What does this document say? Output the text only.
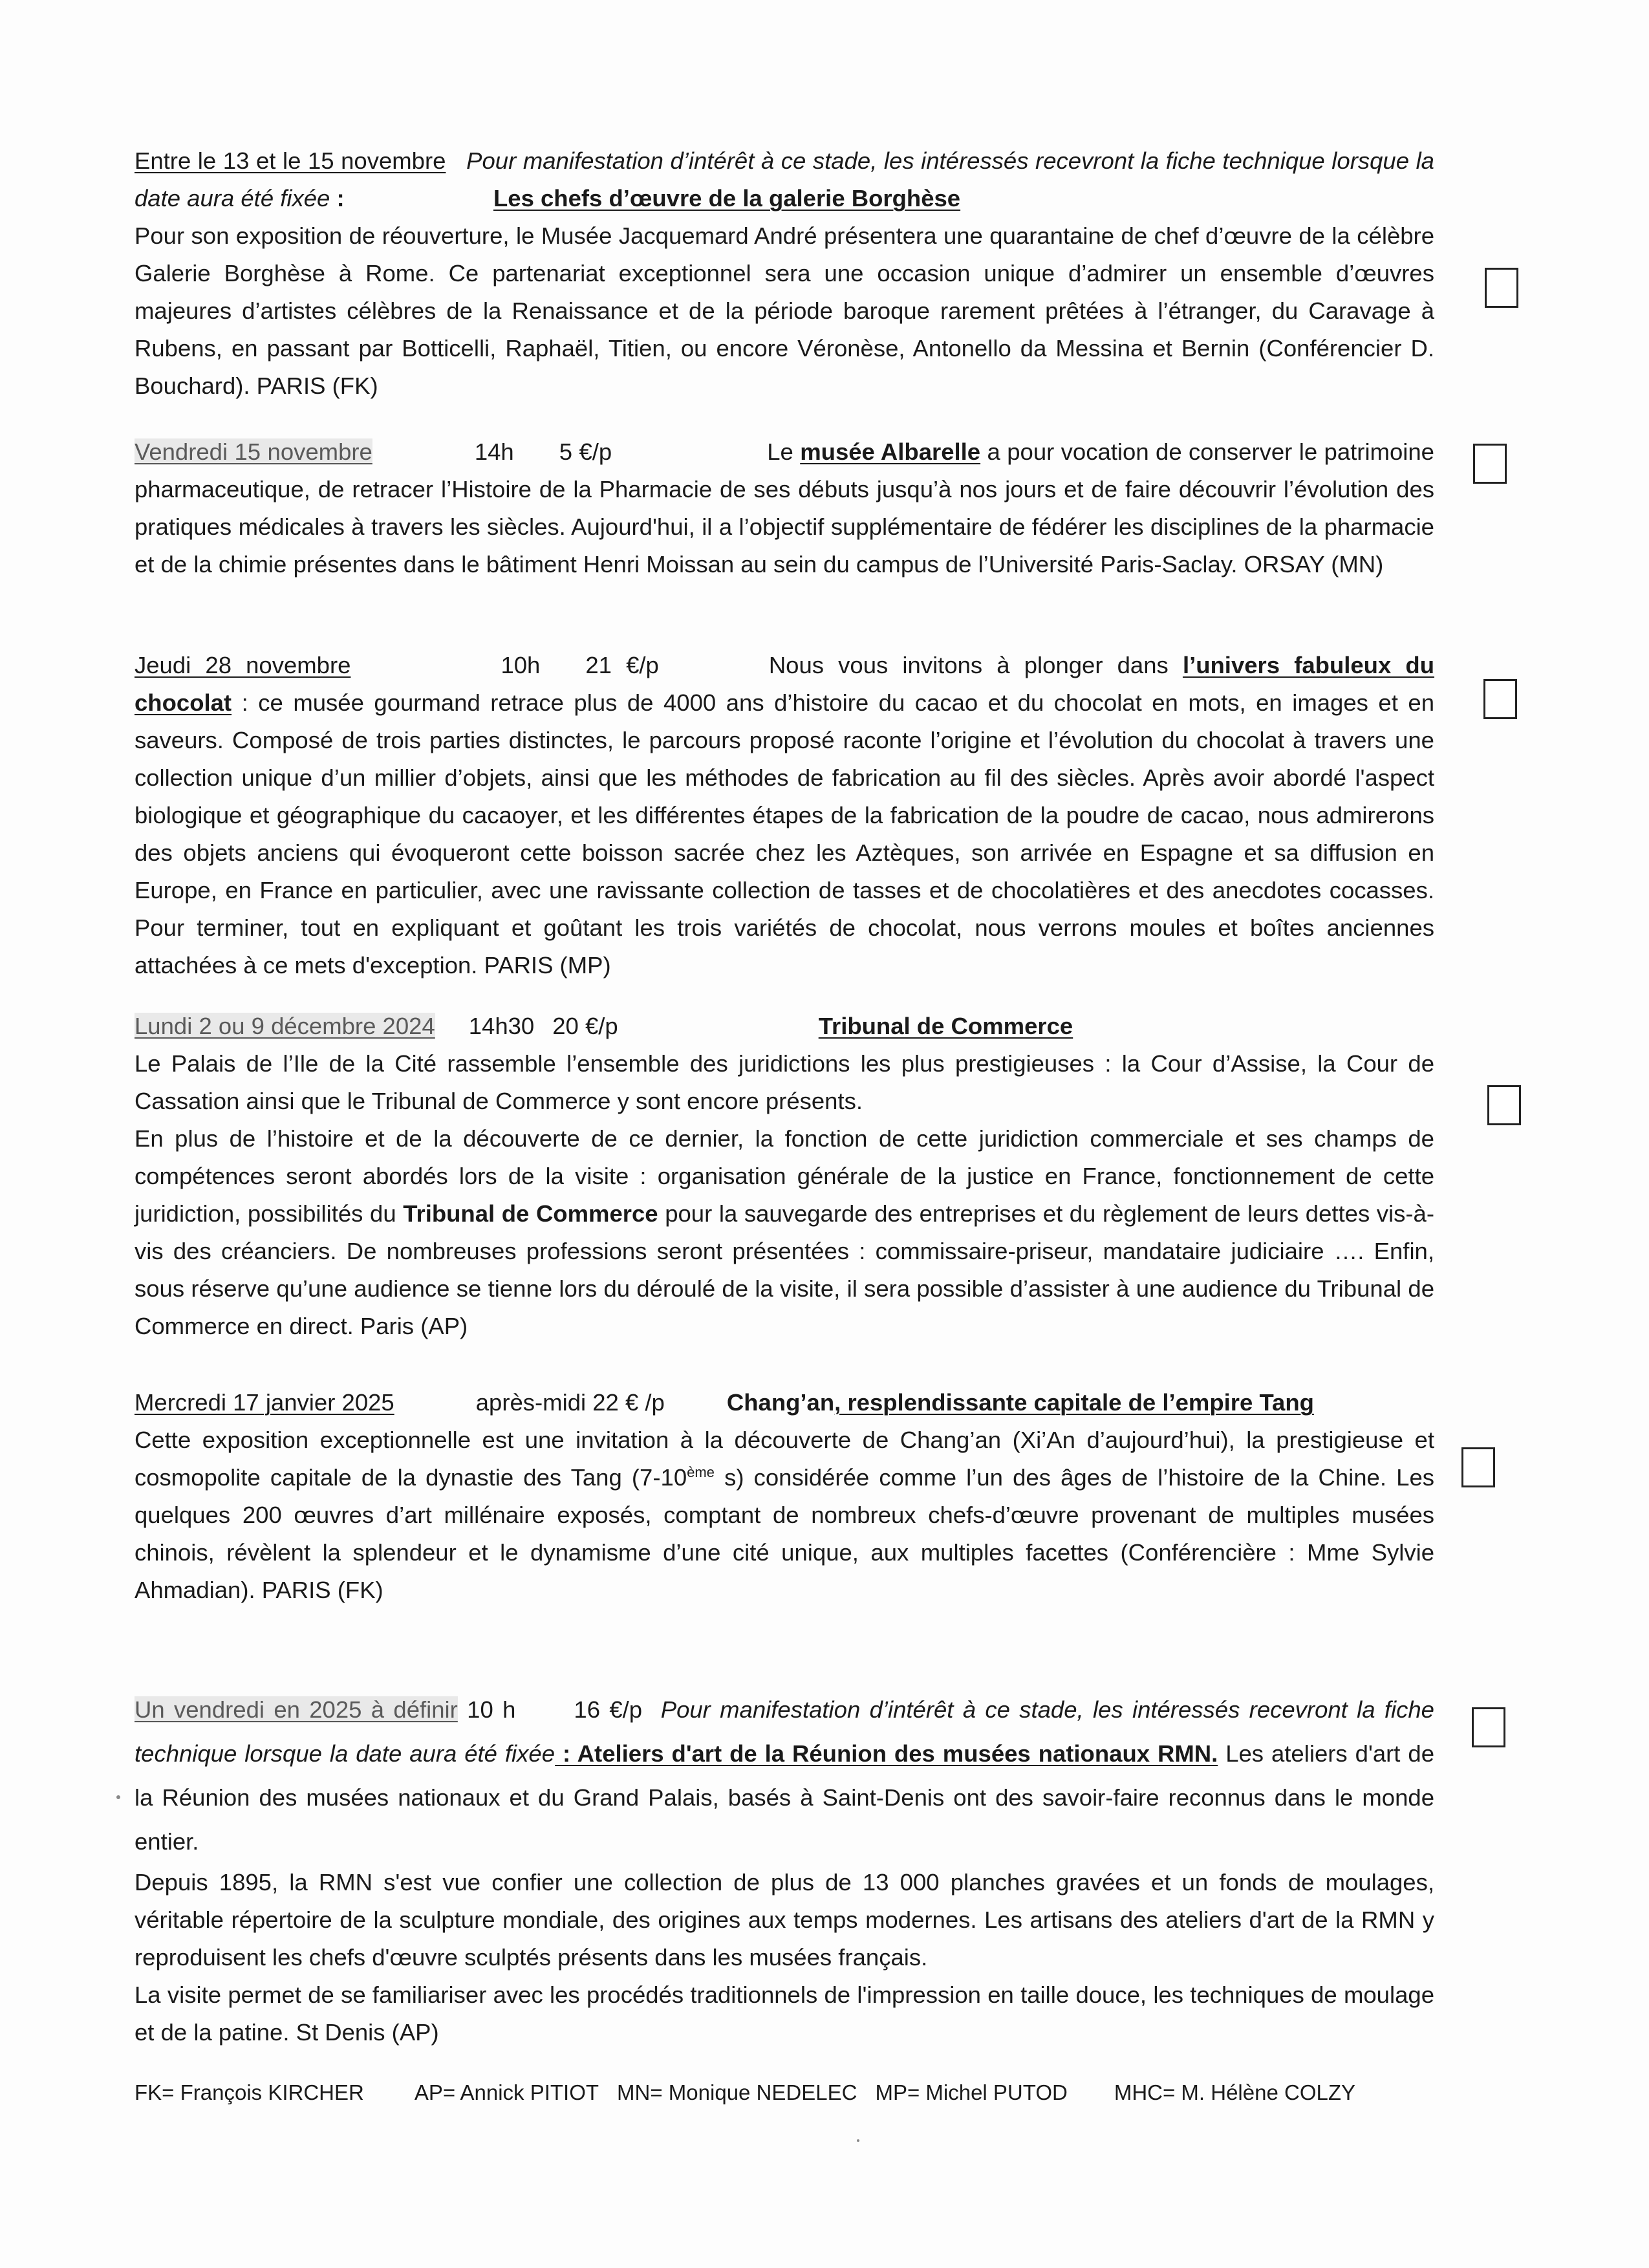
Entre le 13 et le 15 novembre Pour manifestation d’intérêt à ce stade, les intéressés recevront la fiche technique lorsque la date aura été fixée :	Les chefs d’œuvre de la galerie Borghèse

Pour son exposition de réouverture, le Musée Jacquemard André présentera une quarantaine de chef d’œuvre de la célèbre Galerie Borghèse à Rome. Ce partenariat exceptionnel sera une occasion unique d’admirer un ensemble d’œuvres majeures d’artistes célèbres de la Renaissance et de la période baroque rarement prêtées à l’étranger, du Caravage à Rubens, en passant par Botticelli, Raphaël, Titien, ou encore Véronèse, Antonello da Messina et Bernin (Conférencier D. Bouchard). PARIS (FK)

Vendredi 15 novembre	14h 5 €/p	Le musée Albarelle a pour vocation de conserver le patrimoine pharmaceutique, de retracer l’Histoire de la Pharmacie de ses débuts jusqu’à nos jours et de faire découvrir l’évolution des pratiques médicales à travers les siècles. Aujourd'hui, il a l’objectif supplémentaire de fédérer les disciplines de la pharmacie et de la chimie présentes dans le bâtiment Henri Moissan au sein du campus de l’Université Paris-Saclay. ORSAY (MN)

Jeudi 28 novembre	10h 21 €/p	Nous vous invitons à plonger dans l’univers fabuleux du chocolat : ce musée gourmand retrace plus de 4000 ans d’histoire du cacao et du chocolat en mots, en images et en saveurs. Composé de trois parties distinctes, le parcours proposé raconte l’origine et l’évolution du chocolat à travers une collection unique d’un millier d’objets, ainsi que les méthodes de fabrication au fil des siècles. Après avoir abordé l'aspect biologique et géographique du cacaoyer, et les différentes étapes de la fabrication de la poudre de cacao, nous admirerons des objets anciens qui évoqueront cette boisson sacrée chez les Aztèques, son arrivée en Espagne et sa diffusion en Europe, en France en particulier, avec une ravissante collection de tasses et de chocolatières et des anecdotes cocasses. Pour terminer, tout en expliquant et goûtant les trois variétés de chocolat, nous verrons moules et boîtes anciennes attachées à ce mets d'exception. PARIS (MP)

Lundi 2 ou 9 décembre 2024 14h30 20 €/p	Tribunal de Commerce

Le Palais de l’Ile de la Cité rassemble l’ensemble des juridictions les plus prestigieuses : la Cour d’Assise, la Cour de Cassation ainsi que le Tribunal de Commerce y sont encore présents.

En plus de l’histoire et de la découverte de ce dernier, la fonction de cette juridiction commerciale et ses champs de compétences seront abordés lors de la visite : organisation générale de la justice en France, fonctionnement de cette juridiction, possibilités du Tribunal de Commerce pour la sauvegarde des entreprises et du règlement de leurs dettes vis-à-vis des créanciers. De nombreuses professions seront présentées : commissaire-priseur, mandataire judiciaire …. Enfin, sous réserve qu’une audience se tienne lors du déroulé de la visite, il sera possible d’assister à une audience du Tribunal de Commerce en direct. Paris (AP)

Mercredi 17 janvier 2025	après-midi 22 € /p	Chang’an, resplendissante capitale de l’empire Tang

Cette exposition exceptionnelle est une invitation à la découverte de Chang’an (Xi’An d’aujourd’hui), la prestigieuse et cosmopolite capitale de la dynastie des Tang (7-10ème s) considérée comme l’un des âges de l’histoire de la Chine. Les quelques 200 œuvres d’art millénaire exposés, comptant de nombreux chefs-d’œuvre provenant de multiples musées chinois, révèlent la splendeur et le dynamisme d’une cité unique, aux multiples facettes (Conférencière : Mme Sylvie Ahmadian). PARIS (FK)

Un vendredi en 2025 à définir 10 h 16 €/p Pour manifestation d’intérêt à ce stade, les intéressés recevront la fiche technique lorsque la date aura été fixée : Ateliers d'art de la Réunion des musées nationaux RMN. Les ateliers d'art de la Réunion des musées nationaux et du Grand Palais, basés à Saint-Denis ont des savoir-faire reconnus dans le monde entier.

Depuis 1895, la RMN s'est vue confier une collection de plus de 13 000 planches gravées et un fonds de moulages, véritable répertoire de la sculpture mondiale, des origines aux temps modernes. Les artisans des ateliers d'art de la RMN y reproduisent les chefs d'œuvre sculptés présents dans les musées français.

La visite permet de se familiariser avec les procédés traditionnels de l'impression en taille douce, les techniques de moulage et de la patine. St Denis (AP)

FK= François KIRCHER AP= Annick PITIOT MN= Monique NEDELEC MP= Michel PUTOD MHC= M. Hélène COLZY
